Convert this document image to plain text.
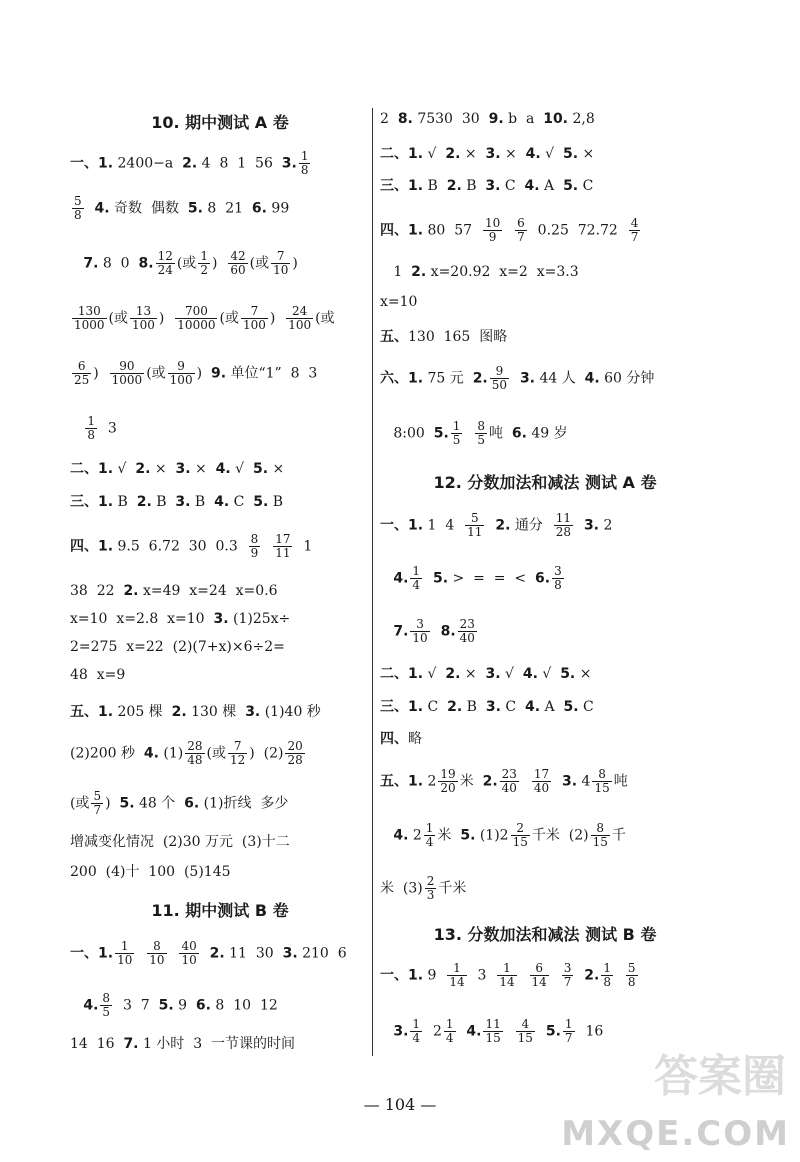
10. 期中测试 A 卷

一、1. 2400−a  2. 4  8  1  56  3. $\frac{1}{8}$
$\frac{5}{8} 4$. 奇数  偶数  5. 8  21  6. 99
7. 8  0  8. $\frac{12}{24}$ (或 $\frac{1}{2}$ ) $\frac{42}{60}$ (或 $\frac{7}{10}$ )
$\frac{130}{1000}$ (或 $\frac{13}{100}$ ) $\frac{700}{10000}$ (或 $\frac{7}{100}$ ) $\frac{24}{100}$ (或
$\frac{6}{25}$ ) $\frac{90}{1000}$ (或 $\frac{9}{100}$ )  9. 单位“1”  8  3

$\frac{1}{8} 3$
二、1. √  2. ×  3. ×  4. √  5. ×
三、1. B  2. B  3. B  4. C  5. B
四、1. 9.5  6.72  30  $0.3 \frac{8}{9}$
$\frac{17}{11} 1$
38  22  2. x=49  x=24  x=0.6
x=10  x=2.8  x=10  3. (1)25x÷
2=275  x=22  (2)(7+x)×6÷2=
48  x=9
五、1. 205 棵  2. 130 棵  3. (1)40 秒
(2)200 秒  4. $(1) \frac{28}{48}$ (或 $\frac{7}{12}$ )  $(2) \frac{20}{28}$
(或 $\frac{5}{7}$ )  5. 48 个  6. (1)折线  多少
增减变化情况  (2)30 万元  (3)十二
200  (4)十  100  (5)145

11. 期中测试 B 卷

一、1. $\frac{1}{10}$
$\frac{8}{10}$
$\frac{40}{10} 2$. 11  30  3. 210  6
4. $\frac{8}{5} 3$  7  5. 9  6. 8  10  12
14  16  7. 1 小时  3  一节课的时间
2  8. 7530  30  9. b  a  10. 2,8
二、1. √  2. ×  3. ×  4. √  5. ×
三、1. B  2. B  3. C  4. A  5. C
四、1. 80  $57 \frac{10}{9}$
$\frac{6}{7} 0.25$  $72.72 \frac{4}{7}$
1  2. x=20.92  x=2  x=3.3
x=10
五、130  165  图略
六、1. 75 元  2. $\frac{9}{50} 3$. 44 人  4. 60 分钟
8:00  5. $\frac{1}{5}$
$\frac{8}{5}$ 吨  6. 49 岁

12. 分数加法和减法 测试 A 卷

一、1. 1  $4 \frac{5}{11} 2$. 通分 $\frac{11}{28} 3$. 2
4. $\frac{1}{4} 5$. >  =  =  <  6. $\frac{3}{8}$
7. $\frac{3}{10} 8$. $\frac{23}{40}$
二、1. √  2. ×  3. √  4. √  5. ×
三、1. C  2. B  3. C  4. A  5. C
四、略
五、1. $2 \frac{19}{20}$ 米  2. $\frac{23}{40}$
$\frac{17}{40} 3$. $4 \frac{8}{15}$ 吨
4. $2 \frac{1}{4}$ 米  5. $(1)2 \frac{2}{15}$ 千米  $(2) \frac{8}{15}$ 千
米  $(3) \frac{2}{3}$ 千米

13. 分数加法和减法 测试 B 卷

一、1. $9 \frac{1}{14} 3 \frac{1}{14}$
$\frac{6}{14}$
$\frac{3}{7} 2$. $\frac{1}{8}$
$\frac{5}{8}$
3. $\frac{1}{4} 2 \frac{1}{4} 4$. $\frac{11}{15}$
$\frac{4}{15} 5$. $\frac{1}{7} 16$
— 104 —
答案圈
MXQE.COM
